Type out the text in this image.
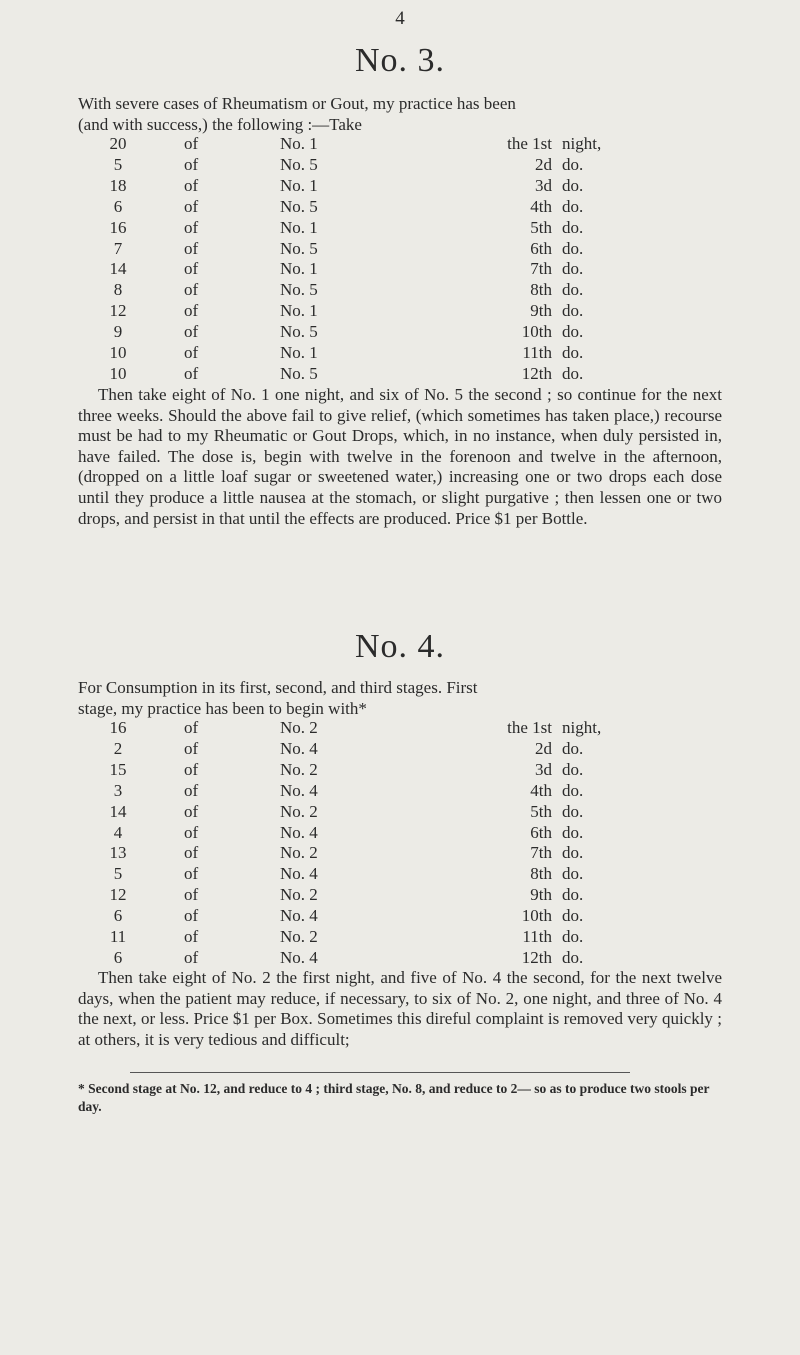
4
No. 3.
With severe cases of Rheumatism or Gout, my practice has been
(and with success,) the following :—Take
20	of	No. 1	the 1st night,
5	of	No. 5	2d do.
18	of	No. 1	3d do.
6	of	No. 5	4th do.
16	of	No. 1	5th do.
7	of	No. 5	6th do.
14	of	No. 1	7th do.
8	of	No. 5	8th do.
12	of	No. 1	9th do.
9	of	No. 5	10th do.
10	of	No. 1	11th do.
10	of	No. 5	12th do.
Then take eight of No. 1 one night, and six of No. 5 the second ; so continue for the next three weeks. Should the above fail to give relief, (which sometimes has taken place,) recourse must be had to my Rheumatic or Gout Drops, which, in no instance, when duly persisted in, have failed. The dose is, begin with twelve in the forenoon and twelve in the afternoon, (dropped on a little loaf sugar or sweetened water,) increasing one or two drops each dose until they produce a little nausea at the stomach, or slight purgative ; then lessen one or two drops, and persist in that until the effects are produced. Price $1 per Bottle.
No. 4.
For Consumption in its first, second, and third stages. First
stage, my practice has been to begin with*
16	of	No. 2	the 1st night,
2	of	No. 4	2d do.
15	of	No. 2	3d do.
3	of	No. 4	4th do.
14	of	No. 2	5th do.
4	of	No. 4	6th do.
13	of	No. 2	7th do.
5	of	No. 4	8th do.
12	of	No. 2	9th do.
6	of	No. 4	10th do.
11	of	No. 2	11th do.
6	of	No. 4	12th do.
Then take eight of No. 2 the first night, and five of No. 4 the second, for the next twelve days, when the patient may reduce, if necessary, to six of No. 2, one night, and three of No. 4 the next, or less. Price $1 per Box. Sometimes this direful complaint is removed very quickly ; at others, it is very tedious and difficult;
* Second stage at No. 12, and reduce to 4 ; third stage, No. 8, and reduce to 2— so as to produce two stools per day.
